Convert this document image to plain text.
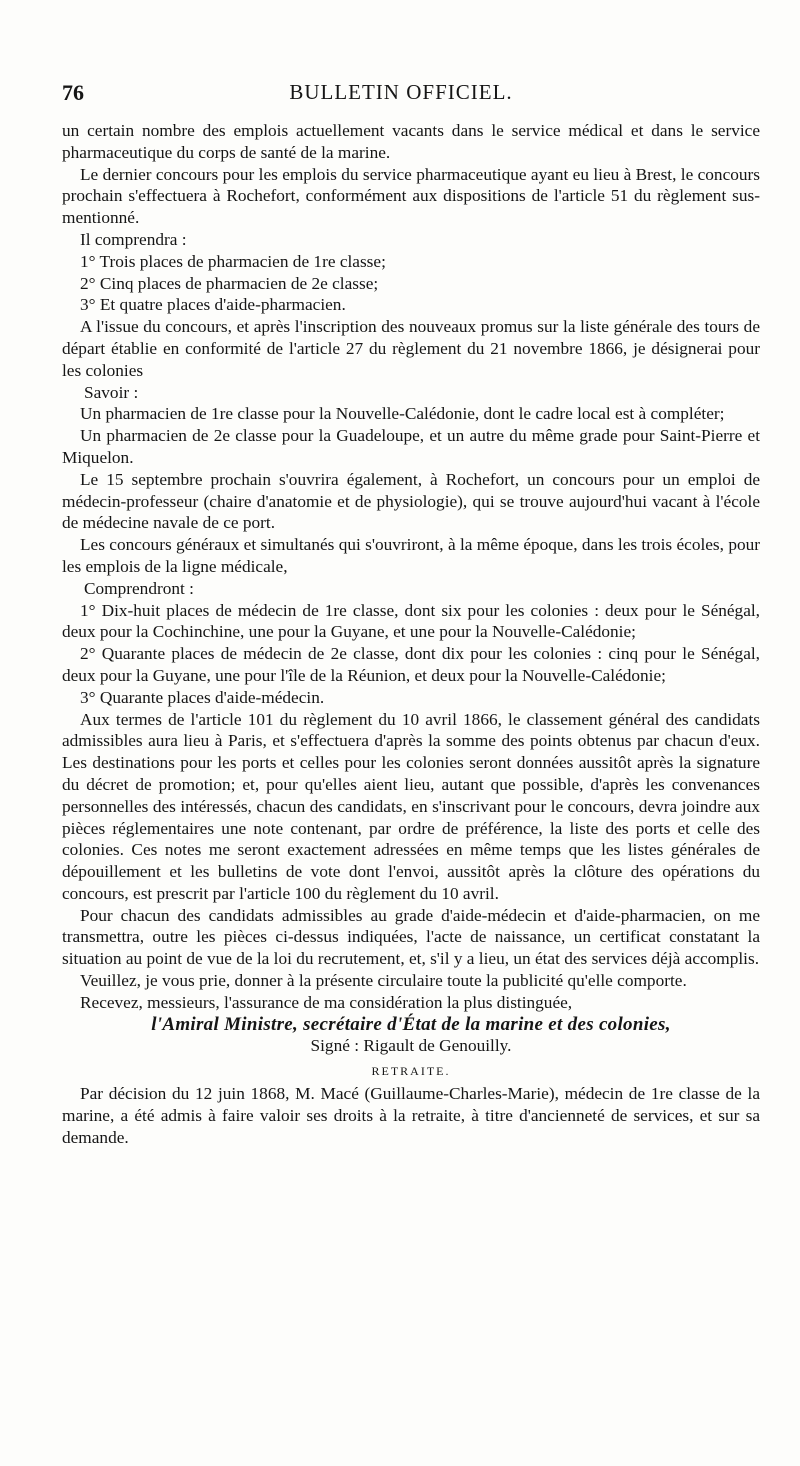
76	BULLETIN OFFICIEL.

un certain nombre des emplois actuellement vacants dans le service médical et dans le service pharmaceutique du corps de santé de la marine.

Le dernier concours pour les emplois du service pharmaceutique ayant eu lieu à Brest, le concours prochain s'effectuera à Rochefort, conformément aux dispositions de l'article 51 du règlement sus-mentionné.

Il comprendra :

1° Trois places de pharmacien de 1re classe;

2° Cinq places de pharmacien de 2e classe;

3° Et quatre places d'aide-pharmacien.

A l'issue du concours, et après l'inscription des nouveaux promus sur la liste générale des tours de départ établie en conformité de l'article 27 du règlement du 21 novembre 1866, je désignerai pour les colonies

Savoir :

Un pharmacien de 1re classe pour la Nouvelle-Calédonie, dont le cadre local est à compléter;

Un pharmacien de 2e classe pour la Guadeloupe, et un autre du même grade pour Saint-Pierre et Miquelon.

Le 15 septembre prochain s'ouvrira également, à Rochefort, un concours pour un emploi de médecin-professeur (chaire d'anatomie et de physiologie), qui se trouve aujourd'hui vacant à l'école de médecine navale de ce port.

Les concours généraux et simultanés qui s'ouvriront, à la même époque, dans les trois écoles, pour les emplois de la ligne médicale,

Comprendront :

1° Dix-huit places de médecin de 1re classe, dont six pour les colonies : deux pour le Sénégal, deux pour la Cochinchine, une pour la Guyane, et une pour la Nouvelle-Calédonie;

2° Quarante places de médecin de 2e classe, dont dix pour les colonies : cinq pour le Sénégal, deux pour la Guyane, une pour l'île de la Réunion, et deux pour la Nouvelle-Calédonie;

3° Quarante places d'aide-médecin.

Aux termes de l'article 101 du règlement du 10 avril 1866, le classement général des candidats admissibles aura lieu à Paris, et s'effectuera d'après la somme des points obtenus par chacun d'eux. Les destinations pour les ports et celles pour les colonies seront données aussitôt après la signature du décret de promotion; et, pour qu'elles aient lieu, autant que possible, d'après les convenances personnelles des intéressés, chacun des candidats, en s'inscrivant pour le concours, devra joindre aux pièces réglementaires une note contenant, par ordre de préférence, la liste des ports et celle des colonies. Ces notes me seront exactement adressées en même temps que les listes générales de dépouillement et les bulletins de vote dont l'envoi, aussitôt après la clôture des opérations du concours, est prescrit par l'article 100 du règlement du 10 avril.

Pour chacun des candidats admissibles au grade d'aide-médecin et d'aide-pharmacien, on me transmettra, outre les pièces ci-dessus indiquées, l'acte de naissance, un certificat constatant la situation au point de vue de la loi du recrutement, et, s'il y a lieu, un état des services déjà accomplis.

Veuillez, je vous prie, donner à la présente circulaire toute la publicité qu'elle comporte.

Recevez, messieurs, l'assurance de ma considération la plus distinguée,

l'Amiral Ministre, secrétaire d'État de la marine et des colonies,

Signé : Rigault de Genouilly.

RETRAITE.

Par décision du 12 juin 1868, M. Macé (Guillaume-Charles-Marie), médecin de 1re classe de la marine, a été admis à faire valoir ses droits à la retraite, à titre d'ancienneté de services, et sur sa demande.
